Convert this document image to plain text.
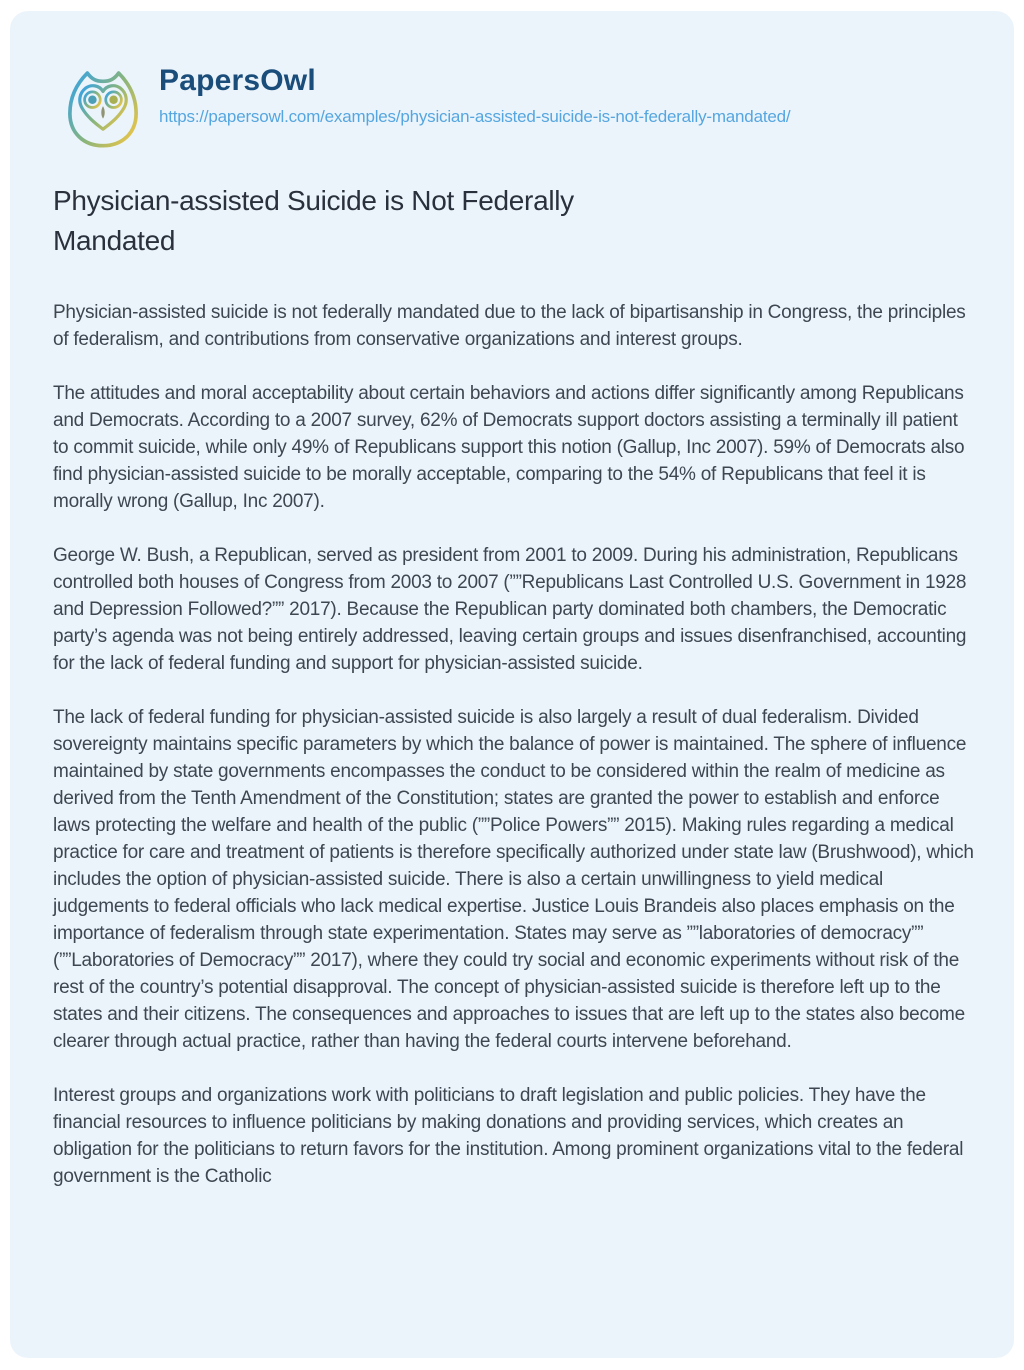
PapersOwl
https://papersowl.com/examples/physician-assisted-suicide-is-not-federally-mandated/
Physician-assisted Suicide is Not Federally Mandated

Physician-assisted suicide is not federally mandated due to the lack of bipartisanship in Congress, the principles of federalism, and contributions from conservative organizations and interest groups.

The attitudes and moral acceptability about certain behaviors and actions differ significantly among Republicans and Democrats. According to a 2007 survey, 62% of Democrats support doctors assisting a terminally ill patient to commit suicide, while only 49% of Republicans support this notion (Gallup, Inc 2007). 59% of Democrats also find physician-assisted suicide to be morally acceptable, comparing to the 54% of Republicans that feel it is morally wrong (Gallup, Inc 2007).

George W. Bush, a Republican, served as president from 2001 to 2009. During his administration, Republicans controlled both houses of Congress from 2003 to 2007 (””Republicans Last Controlled U.S. Government in 1928 and Depression Followed?”” 2017). Because the Republican party dominated both chambers, the Democratic party’s agenda was not being entirely addressed, leaving certain groups and issues disenfranchised, accounting for the lack of federal funding and support for physician-assisted suicide.

The lack of federal funding for physician-assisted suicide is also largely a result of dual federalism. Divided sovereignty maintains specific parameters by which the balance of power is maintained. The sphere of influence maintained by state governments encompasses the conduct to be considered within the realm of medicine as derived from the Tenth Amendment of the Constitution; states are granted the power to establish and enforce laws protecting the welfare and health of the public (””Police Powers”” 2015). Making rules regarding a medical practice for care and treatment of patients is therefore specifically authorized under state law (Brushwood), which includes the option of physician-assisted suicide. There is also a certain unwillingness to yield medical judgements to federal officials who lack medical expertise. Justice Louis Brandeis also places emphasis on the importance of federalism through state experimentation. States may serve as ””laboratories of democracy”” (””Laboratories of Democracy”” 2017), where they could try social and economic experiments without risk of the rest of the country’s potential disapproval. The concept of physician-assisted suicide is therefore left up to the states and their citizens. The consequences and approaches to issues that are left up to the states also become clearer through actual practice, rather than having the federal courts intervene beforehand.

Interest groups and organizations work with politicians to draft legislation and public policies. They have the financial resources to influence politicians by making donations and providing services, which creates an obligation for the politicians to return favors for the institution. Among prominent organizations vital to the federal government is the Catholic
